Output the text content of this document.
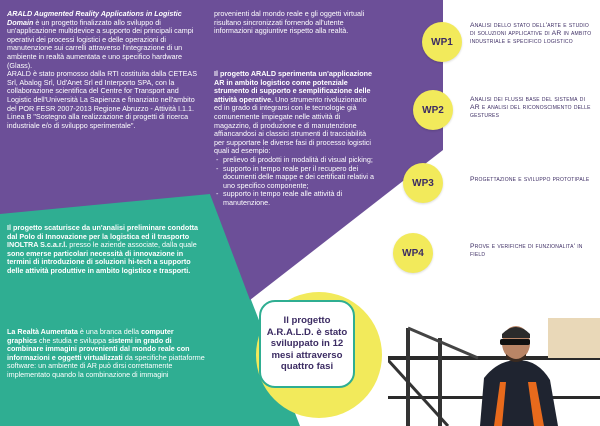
ARALD Augmented Reality Applications in Logistic Domain è un progetto finalizzato allo sviluppo di un'applicazione multidevice a supporto dei principali campi operativi dei processi logistici e delle operazioni di manutenzione sui carrelli attraverso l'integrazione di un ambiente in realtà aumentata e uno specifico hardware (Glass).
ARALD è stato promosso dalla RTI costituita dalla CETEAS Srl, Abalog Srl, Ud'Anet Srl ed Interporto SPA, con la collaborazione scientifica del Centre for Transport and Logistic dell'Università La Sapienza e finanziato nell'ambito del POR FESR 2007-2013 Regione Abruzzo - Attività I.1.1. Linea B "Sostegno alla realizzazione di progetti di ricerca industriale e/o di sviluppo sperimentale".
Il progetto scaturisce da un'analisi preliminare condotta dal Polo di Innovazione per la logistica ed il trasporto INOLTRA S.c.a.r.l. presso le aziende associate, dalla quale sono emerse particolari necessità di innovazione in termini di introduzione di soluzioni hi-tech a supporto delle attività produttive in ambito logistico e trasporti.
La Realtà Aumentata è una branca della computer graphics che studia e sviluppa sistemi in grado di combinare immagini provenienti dal mondo reale con informazioni e oggetti virtualizzati da specifiche piattaforme software: un ambiente di AR può dirsi correttamente implementato quando la combinazione di immagini
provenienti dal mondo reale e gli oggetti virtuali risultano sincronizzati fornendo all'utente informazioni aggiuntive rispetto alla realtà.
Il progetto ARALD sperimenta un'applicazione AR in ambito logistico come potenziale strumento di supporto e semplificazione delle attività operative. Uno strumento rivoluzionario ed in grado di integrarsi con le tecnologie già comunemente impiegate nelle attività di magazzino, di produzione e di manutenzione affiancandosi ai classici strumenti di tracciabilità per supportare le diverse fasi di processo logistici quali ad esempio:
- prelievo di prodotti in modalità di visual picking;
- supporto in tempo reale per il recupero dei documenti delle mappe e dei certificati relativi a uno specifico componente;
- supporto in tempo reale alle attività di manutenzione.
WP1
Analisi dello stato dell'arte e studio di soluzioni applicative di AR in ambito industriale e specifico logistico
WP2
Analisi dei flussi base del sistema di AR e analisi del riconoscimento delle gestures
WP3	Progettazione e sviluppo prototipale
WP4
Prove e verifiche di funzionalita' in field
Il progetto A.R.A.L.D. è stato sviluppato in 12 mesi attraverso quattro fasi
